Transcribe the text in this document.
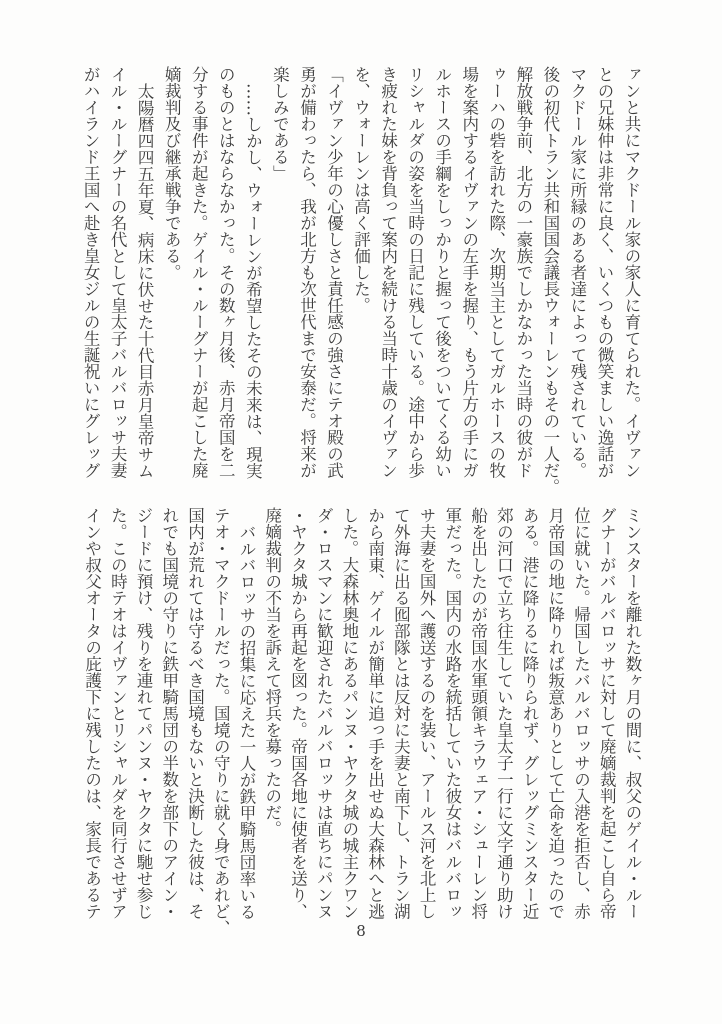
ァンと共にマクドール家の家人に育てられた。イヴァン
との兄妹仲は非常に良く、いくつもの微笑ましい逸話が
マクドール家に所縁のある者達によって残されている。
後の初代トラン共和国国会議長ウォーレンもその一人だ。
解放戦争前、北方の一豪族でしかなかった当時の彼がド
ゥーハの砦を訪れた際、次期当主としてガルホースの牧
場を案内するイヴァンの左手を握り、もう片方の手にガ
ルホースの手綱をしっかりと握って後をついてくる幼い
リシャルダの姿を当時の日記に残している。途中から歩
き疲れた妹を背負って案内を続ける当時十歳のイヴァン
を、ウォーレンは高く評価した。
「イヴァン少年の心優しさと責任感の強さにテオ殿の武
勇が備わったら、我が北方も次世代まで安泰だ。将来が
楽しみである」
……しかし、ウォーレンが希望したその未来は、現実
のものとはならなかった。その数ヶ月後、赤月帝国を二
分する事件が起きた。ゲイル・ルーグナーが起こした廃
嫡裁判及び継承戦争である。
太陽暦四四五年夏、病床に伏せた十代目赤月皇帝サム
イル・ルーグナーの名代として皇太子バルバロッサ夫妻
がハイランド王国へ赴き皇女ジルの生誕祝いにグレッグ
ミンスターを離れた数ヶ月の間に、叔父のゲイル・ルー
グナーがバルバロッサに対して廃嫡裁判を起こし自ら帝
位に就いた。帰国したバルバロッサの入港を拒否し、赤
月帝国の地に降りれば叛意ありとして亡命を迫ったので
ある。港に降りるに降りられず、グレッグミンスター近
郊の河口で立ち往生していた皇太子一行に文字通り助け
船を出したのが帝国水軍頭領キラウェア・シューレン将
軍だった。国内の水路を統括していた彼女はバルバロッ
サ夫妻を国外へ護送するのを装い、アールス河を北上し
て外海に出る囮部隊とは反対に夫妻と南下し、トラン湖
から南東、ゲイルが簡単に追っ手を出せぬ大森林へと逃
した。大森林奥地にあるパンヌ・ヤクタ城の城主クワン
ダ・ロスマンに歓迎されたバルバロッサは直ちにパンヌ
・ヤクタ城から再起を図った。帝国各地に使者を送り、
廃嫡裁判の不当を訴えて将兵を募ったのだ。
バルバロッサの招集に応えた一人が鉄甲騎馬団率いる
テオ・マクドールだった。国境の守りに就く身であれど、
国内が荒れては守るべき国境もないと決断した彼は、そ
れでも国境の守りに鉄甲騎馬団の半数を部下のアイン・
ジードに預け、残りを連れてパンヌ・ヤクタに馳せ参じ
た。この時テオはイヴァンとリシャルダを同行させずア
インや叔父オータの庇護下に残したのは、家長であるテ
8
